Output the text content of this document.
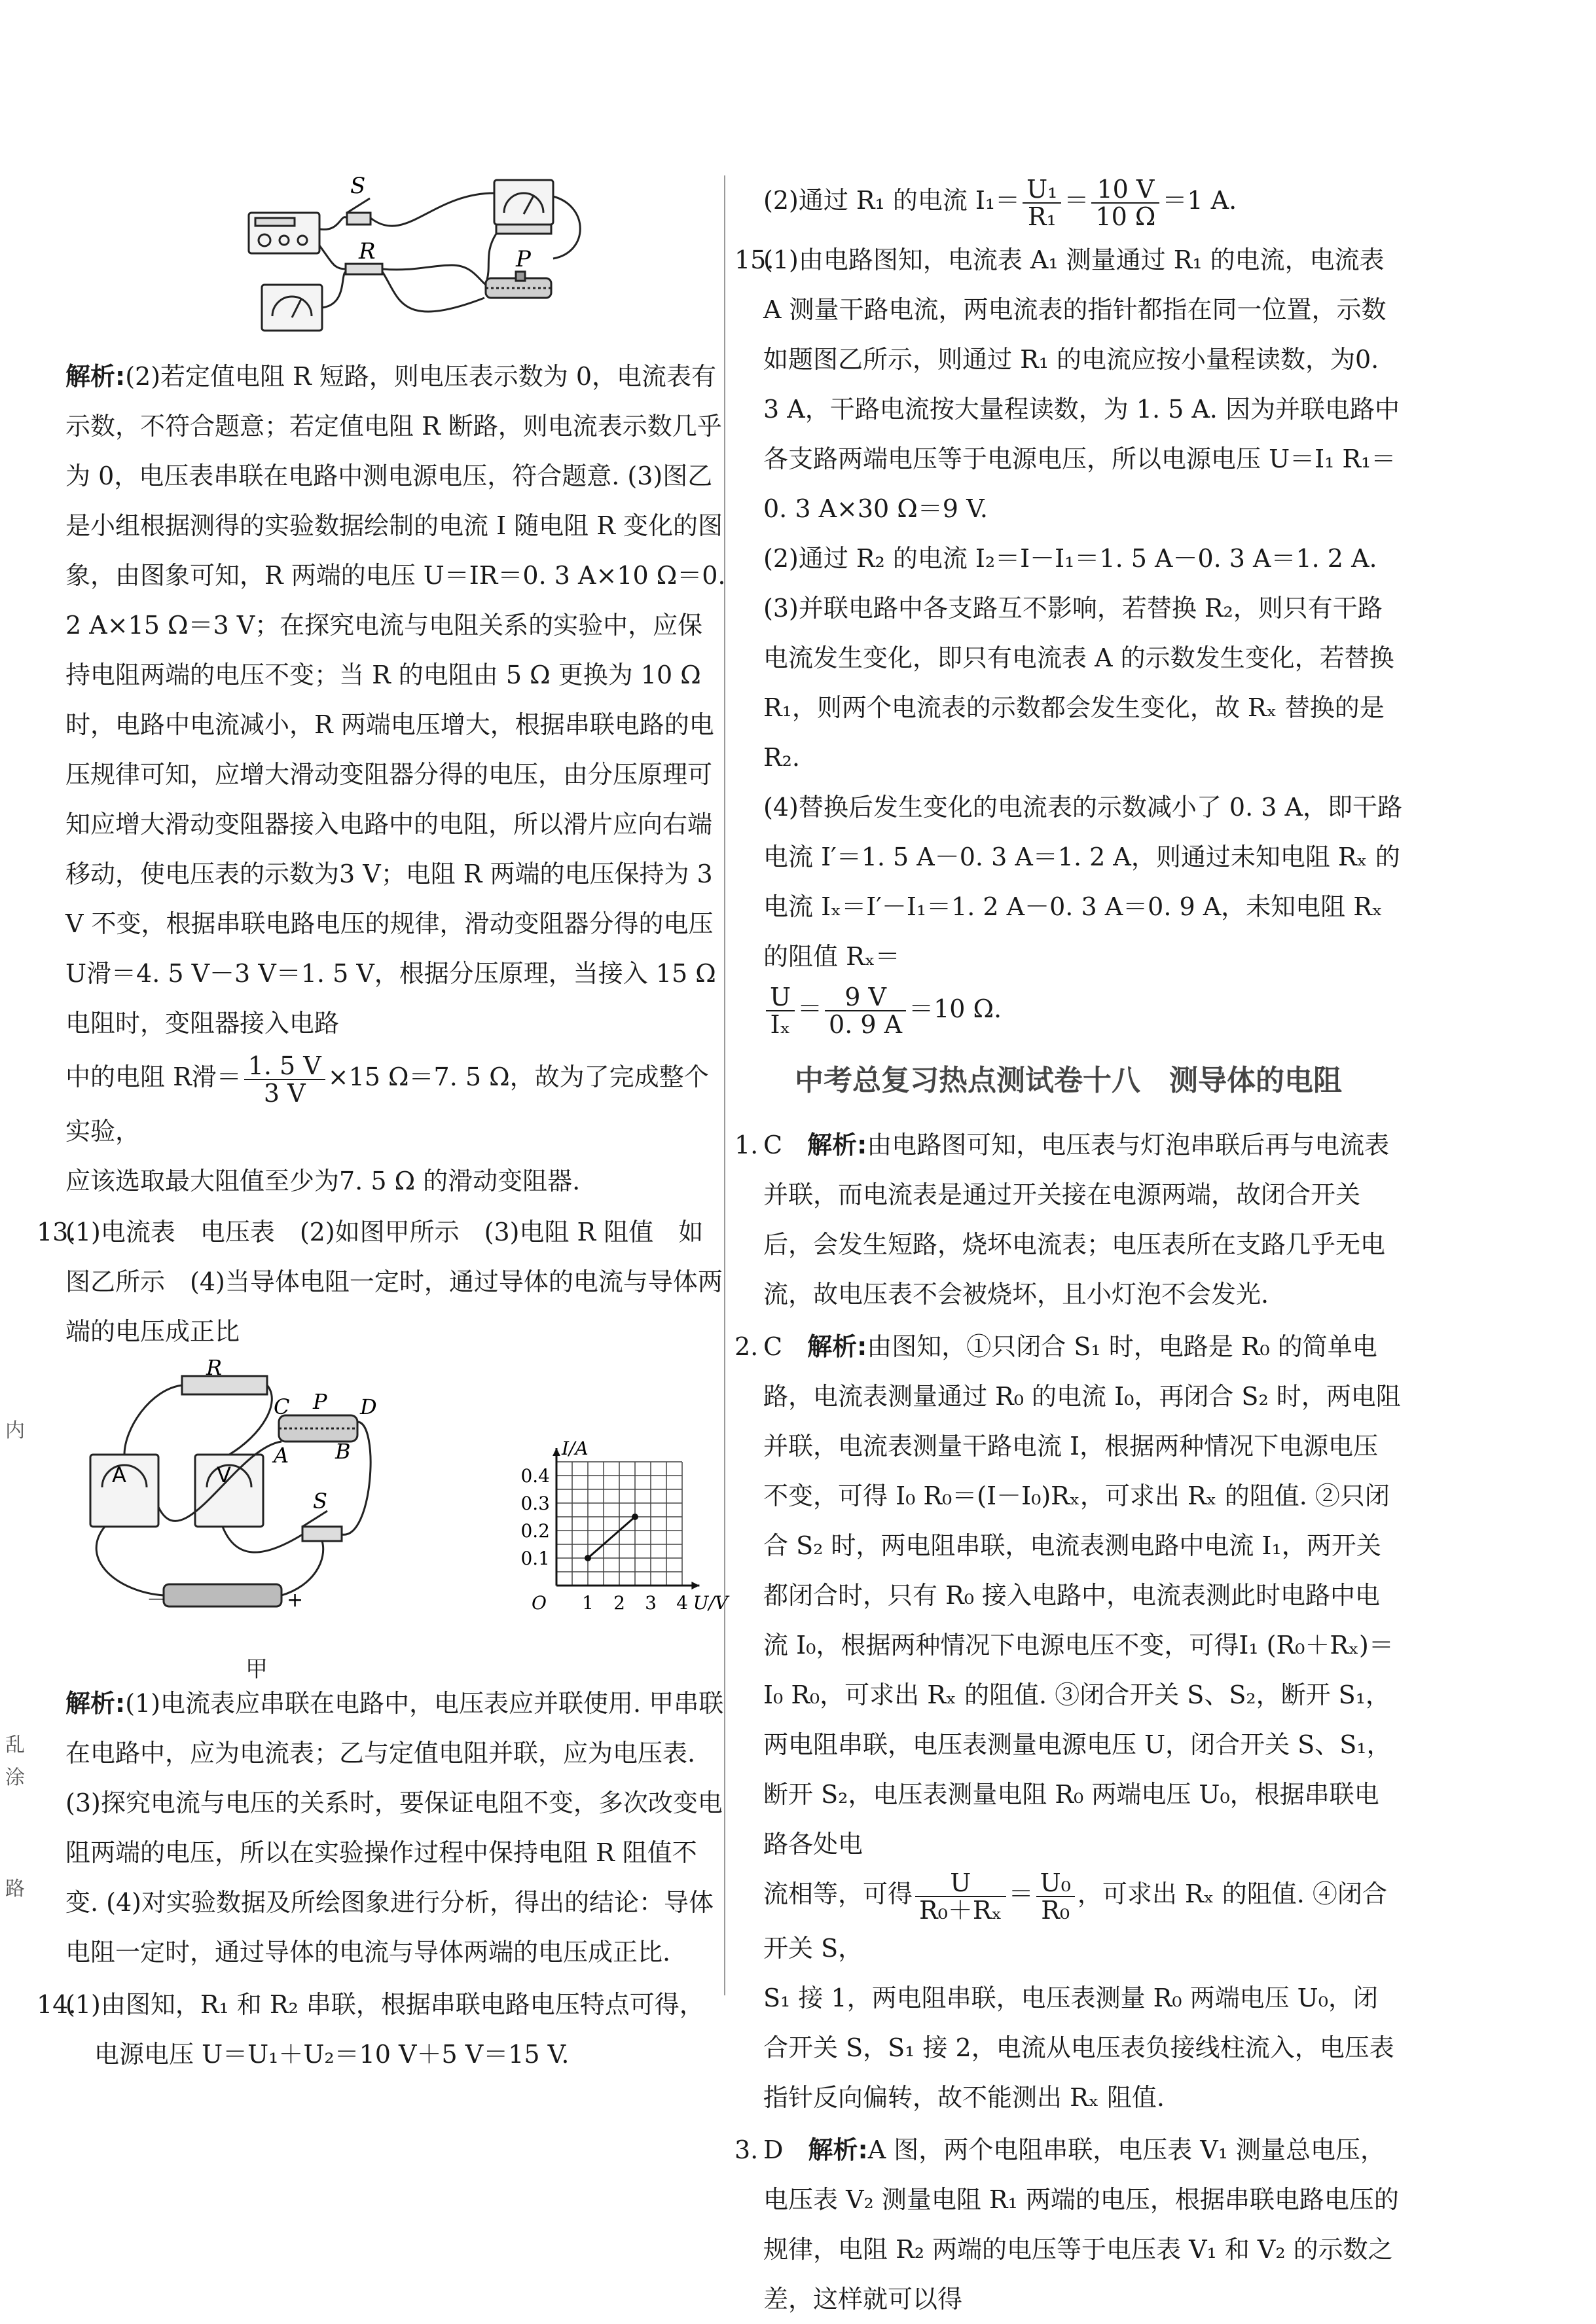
内
乱
涂
路
S
R	P

解析:(2)若定值电阻 R 短路，则电压表示数为 0，电流表有示数，不符合题意；若定值电阻 R 断路，则电流表示数几乎为 0，电压表串联在电路中测电源电压，符合题意. (3)图乙是小组根据测得的实验数据绘制的电流 I 随电阻 R 变化的图象，由图象可知，R 两端的电压 U＝IR＝0. 3 A×10 Ω＝0. 2 A×15 Ω＝3 V；在探究电流与电阻关系的实验中，应保持电阻两端的电压不变；当 R 的电阻由 5 Ω 更换为 10 Ω 时，电路中电流减小，R 两端电压增大，根据串联电路的电压规律可知，应增大滑动变阻器分得的电压，由分压原理可知应增大滑动变阻器接入电路中的电阻，所以滑片应向右端移动，使电压表的示数为3 V；电阻 R 两端的电压保持为 3 V 不变，根据串联电路电压的规律，滑动变阻器分得的电压 U滑＝4. 5 V－3 V＝1. 5 V，根据分压原理，当接入 15 Ω 电阻时，变阻器接入电路

中的电阻 R滑＝ $\frac{1. 5 V}{3 V} \times 15$ Ω＝7. 5 Ω，故为了完成整个实验，

应该选取最大阻值至少为7. 5 Ω 的滑动变阻器.

13.(1)电流表　电压表　(2)如图甲所示　(3)电阻 R 阻值　如图乙所示　(4)当导体电阻一定时，通过导体的电流与导体两端的电压成正比

R
C P D
A B
S
+
－
A	V
甲
1 2 3 4
0.1
0.2
0.3
0.4
O	U/V
I/A

解析:(1)电流表应串联在电路中，电压表应并联使用. 甲串联在电路中，应为电流表；乙与定值电阻并联，应为电压表. (3)探究电流与电压的关系时，要保证电阻不变，多次改变电阻两端的电压，所以在实验操作过程中保持电阻 R 阻值不变. (4)对实验数据及所绘图象进行分析，得出的结论：导体电阻一定时，通过导体的电流与导体两端的电压成正比.

14.(1)由图知，R₁ 和 R₂ 串联，根据串联电路电压特点可得，

电源电压 U＝U₁＋U₂＝10 V＋5 V＝15 V.

(2)通过 R₁ 的电流 $I_1= \frac{\text{U₁}}{\text{R₁}} = \frac{10 V}{10 \Omega} =1$ A.

15.(1)由电路图知，电流表 A₁ 测量通过 R₁ 的电流，电流表 A 测量干路电流，两电流表的指针都指在同一位置，示数如题图乙所示，则通过 R₁ 的电流应按小量程读数，为0. 3 A，干路电流按大量程读数，为 1. 5 A. 因为并联电路中各支路两端电压等于电源电压，所以电源电压 U＝I₁ R₁＝0. 3 A×30 Ω＝9 V.

(2)通过 R₂ 的电流 I₂＝I－I₁＝1. 5 A－0. 3 A＝1. 2 A.

(3)并联电路中各支路互不影响，若替换 R₂，则只有干路电流发生变化，即只有电流表 A 的示数发生变化，若替换 R₁，则两个电流表的示数都会发生变化，故 Rₓ 替换的是 R₂.

(4)替换后发生变化的电流表的示数减小了 0. 3 A，即干路电流 I′＝1. 5 A－0. 3 A＝1. 2 A，则通过未知电阻 Rₓ 的电流 Iₓ＝I′－I₁＝1. 2 A－0. 3 A＝0. 9 A，未知电阻 Rₓ 的阻值 Rₓ＝

$\frac{U}{\text{Iₓ}} = \frac{9 V}{0. 9 A} =10$ Ω.

中考总复习热点测试卷十八　测导体的电阻

1. C　 解析:由电路图可知，电压表与灯泡串联后再与电流表并联，而电流表是通过开关接在电源两端，故闭合开关后，会发生短路，烧坏电流表；电压表所在支路几乎无电流，故电压表不会被烧坏，且小灯泡不会发光.

2. C　 解析:由图知，①只闭合 S₁ 时，电路是 R₀ 的简单电路，电流表测量通过 R₀ 的电流 I₀，再闭合 S₂ 时，两电阻并联，电流表测量干路电流 I，根据两种情况下电源电压不变，可得 I₀ R₀＝(I－I₀)Rₓ，可求出 Rₓ 的阻值. ②只闭合 S₂ 时，两电阻串联，电流表测电路中电流 I₁，两开关都闭合时，只有 R₀ 接入电路中，电流表测此时电路中电流 I₀，根据两种情况下电源电压不变，可得I₁ (R₀＋Rₓ)＝I₀ R₀，可求出 Rₓ 的阻值. ③闭合开关 S、S₂，断开 S₁，两电阻串联，电压表测量电源电压 U，闭合开关 S、S₁，断开 S₂，电压表测量电阻 R₀ 两端电压 U₀，根据串联电路各处电

流相等，可得 $\frac{U}{\text{R₀＋Rₓ}} = \frac{\text{U₀}}{\text{R₀}}$ ，可求出 Rₓ 的阻值. ④闭合开关 S，

S₁ 接 1，两电阻串联，电压表测量 R₀ 两端电压 U₀，闭合开关 S，S₁ 接 2，电流从电压表负接线柱流入，电压表指针反向偏转，故不能测出 Rₓ 阻值.

3. D　 解析:A 图，两个电阻串联，电压表 V₁ 测量总电压，电压表 V₂ 测量电阻 R₁ 两端的电压，根据串联电路电压的规律，电阻 R₂ 两端的电压等于电压表 V₁ 和 V₂ 的示数之差，这样就可以得
